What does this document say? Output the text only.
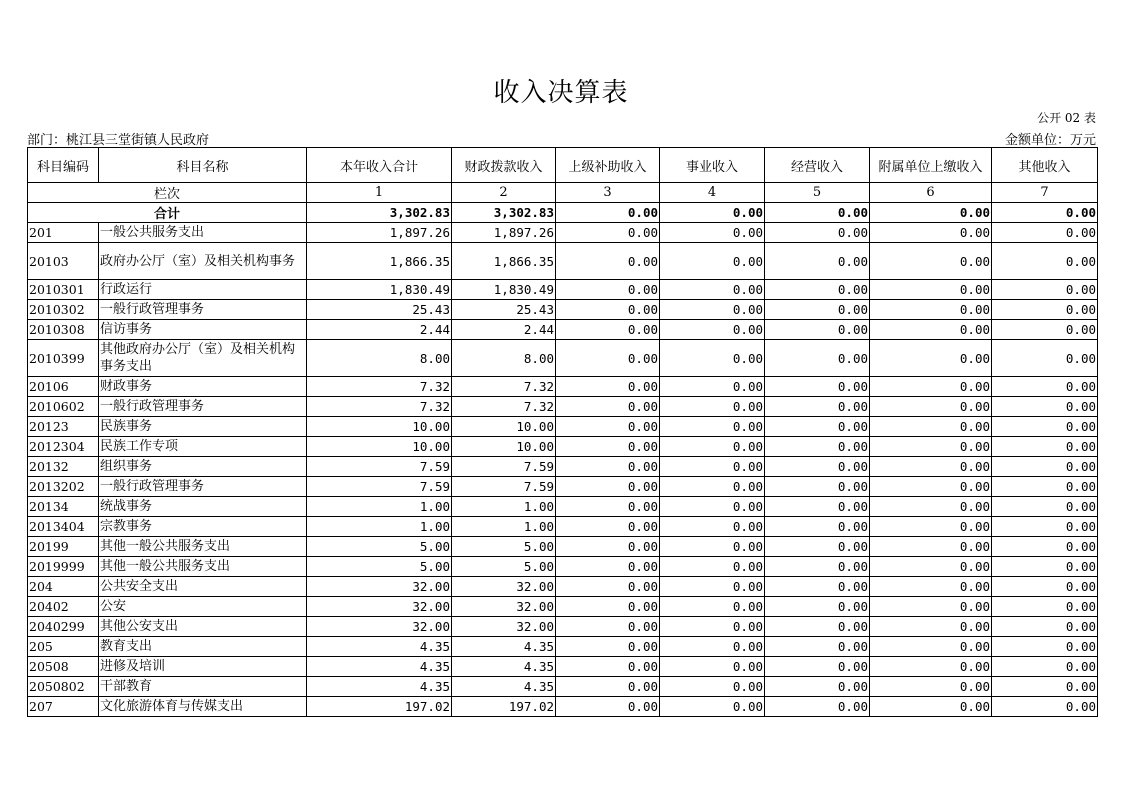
收入决算表
公开 02 表
部门：桃江县三堂街镇人民政府	金额单位：万元
科目编码	科目名称	本年收入合计	财政拨款收入	上级补助收入	事业收入	经营收入	附属单位上缴收入	其他收入
栏次		1	2	3	4	5	6	7
合计		3,302.83	3,302.83	0.00	0.00	0.00	0.00	0.00
201	一般公共服务支出	1,897.26	1,897.26	0.00	0.00	0.00	0.00	0.00
20103	政府办公厅（室）及相关机构事务	1,866.35	1,866.35	0.00	0.00	0.00	0.00	0.00
2010301	行政运行	1,830.49	1,830.49	0.00	0.00	0.00	0.00	0.00
2010302	一般行政管理事务	25.43	25.43	0.00	0.00	0.00	0.00	0.00
2010308	信访事务	2.44	2.44	0.00	0.00	0.00	0.00	0.00
2010399	其他政府办公厅（室）及相关机构事务支出	8.00	8.00	0.00	0.00	0.00	0.00	0.00
20106	财政事务	7.32	7.32	0.00	0.00	0.00	0.00	0.00
2010602	一般行政管理事务	7.32	7.32	0.00	0.00	0.00	0.00	0.00
20123	民族事务	10.00	10.00	0.00	0.00	0.00	0.00	0.00
2012304	民族工作专项	10.00	10.00	0.00	0.00	0.00	0.00	0.00
20132	组织事务	7.59	7.59	0.00	0.00	0.00	0.00	0.00
2013202	一般行政管理事务	7.59	7.59	0.00	0.00	0.00	0.00	0.00
20134	统战事务	1.00	1.00	0.00	0.00	0.00	0.00	0.00
2013404	宗教事务	1.00	1.00	0.00	0.00	0.00	0.00	0.00
20199	其他一般公共服务支出	5.00	5.00	0.00	0.00	0.00	0.00	0.00
2019999	其他一般公共服务支出	5.00	5.00	0.00	0.00	0.00	0.00	0.00
204	公共安全支出	32.00	32.00	0.00	0.00	0.00	0.00	0.00
20402	公安	32.00	32.00	0.00	0.00	0.00	0.00	0.00
2040299	其他公安支出	32.00	32.00	0.00	0.00	0.00	0.00	0.00
205	教育支出	4.35	4.35	0.00	0.00	0.00	0.00	0.00
20508	进修及培训	4.35	4.35	0.00	0.00	0.00	0.00	0.00
2050802	干部教育	4.35	4.35	0.00	0.00	0.00	0.00	0.00
207	文化旅游体育与传媒支出	197.02	197.02	0.00	0.00	0.00	0.00	0.00
